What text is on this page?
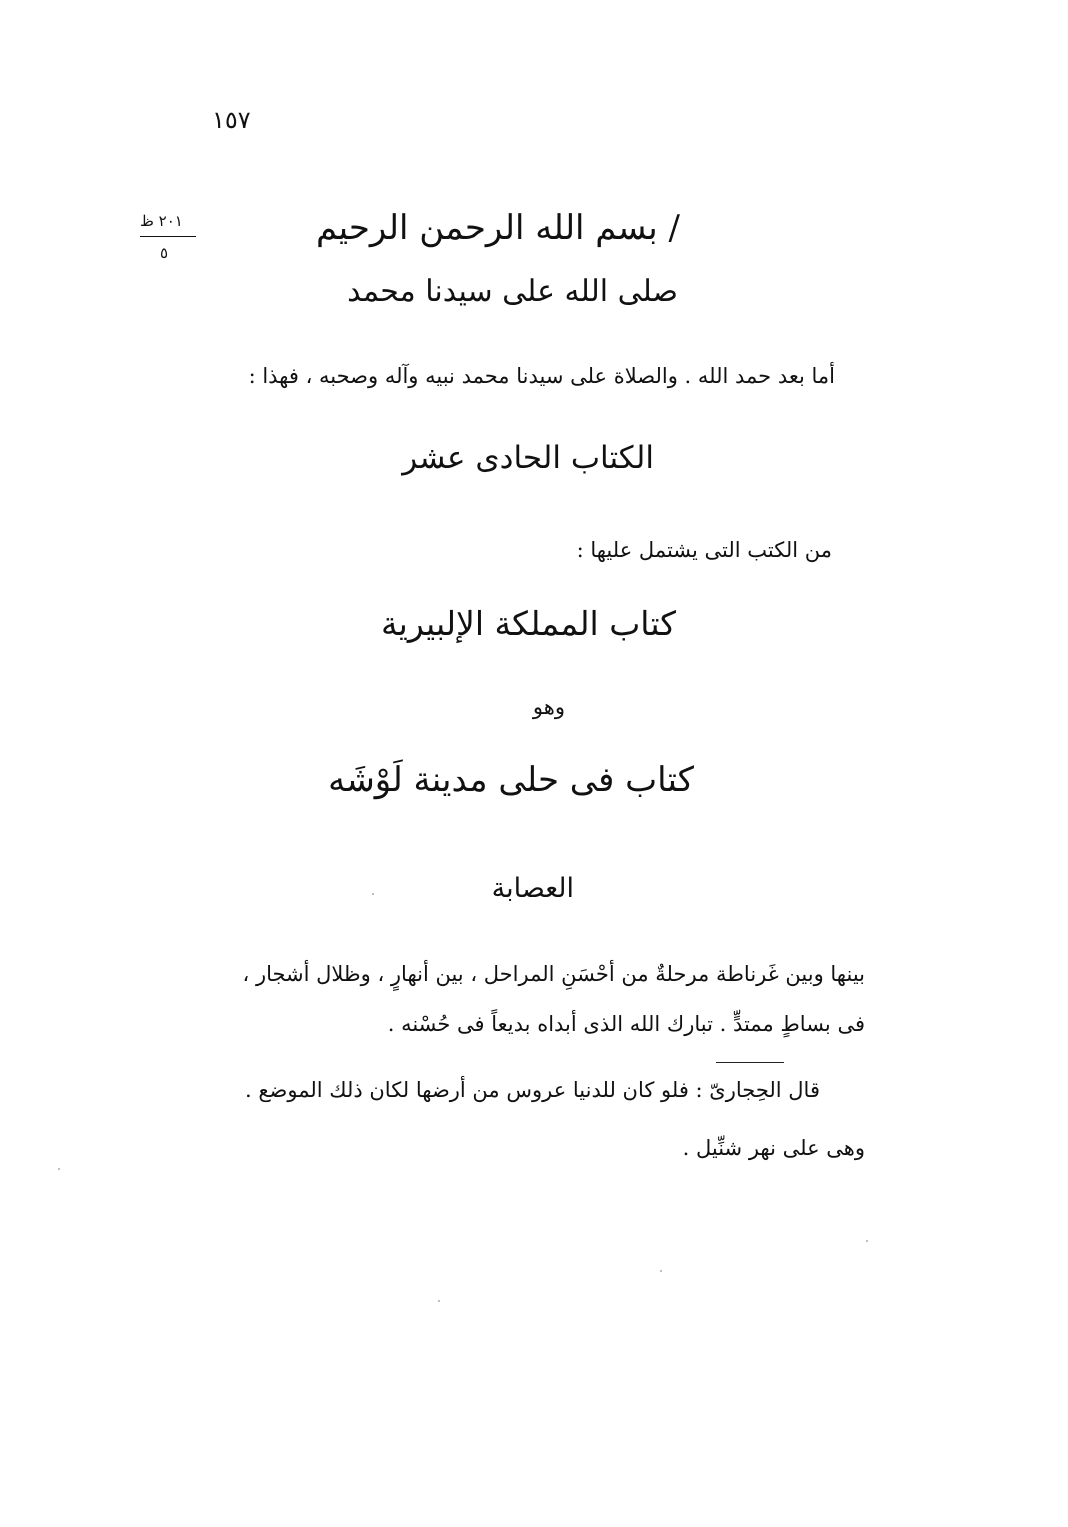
١٥٧
٢٠١ ظ
٥
/ بسم الله الرحمن الرحيم
صلى الله على سيدنا محمد
أما بعد حمد الله . والصلاة على سيدنا محمد نبيه وآله وصحبه ، فهذا :
الكتاب الحادى عشر
من الكتب التى يشتمل عليها :
كتاب المملكة الإلبيرية
وهو
كتاب فى حلى مدينة لَوْشَه
العصابة
بينها وبين غَرناطة مرحلةٌ من أحْسَنِ المراحل ، بين أنهارٍ ، وظلال أشجار ،
فى بساطٍ ممتدٍّ . تبارك الله الذى أبداه بديعاً فى حُسْنه .
قال الحِجارىّ : فلو كان للدنيا عروس من أرضها لكان ذلك الموضع .
وهى على نهر شنِّيل .
